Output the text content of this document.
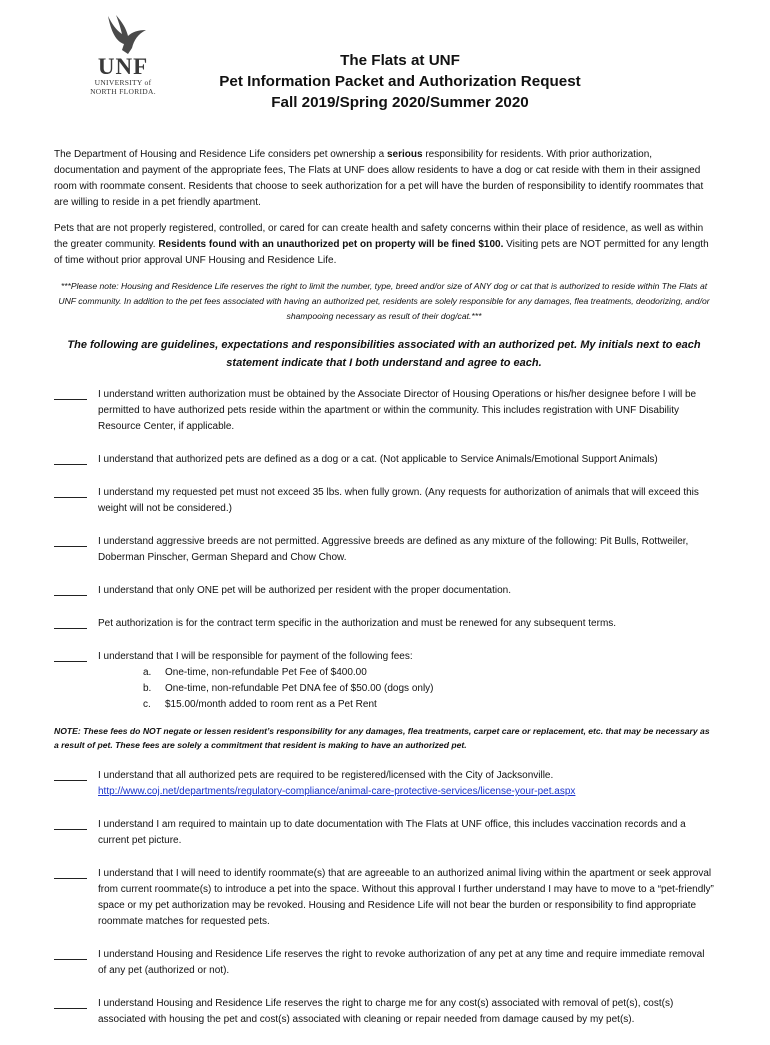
UNF
UNIVERSITY of
NORTH FLORIDA.
The Flats at UNF
Pet Information Packet and Authorization Request
Fall 2019/Spring 2020/Summer 2020

The Department of Housing and Residence Life considers pet ownership a serious responsibility for residents. With prior authorization, documentation and payment of the appropriate fees, The Flats at UNF does allow residents to have a dog or cat reside with them in their assigned room with roommate consent. Residents that choose to seek authorization for a pet will have the burden of responsibility to identify roommates that are willing to reside in a pet friendly apartment.

Pets that are not properly registered, controlled, or cared for can create health and safety concerns within their place of residence, as well as within the greater community. Residents found with an unauthorized pet on property will be fined $100. Visiting pets are NOT permitted for any length of time without prior approval UNF Housing and Residence Life.

***Please note: Housing and Residence Life reserves the right to limit the number, type, breed and/or size of ANY dog or cat that is authorized to reside within The Flats at UNF community. In addition to the pet fees associated with having an authorized pet, residents are solely responsible for any damages, flea treatments, deodorizing, and/or shampooing necessary as result of their dog/cat.***
The following are guidelines, expectations and responsibilities associated with an authorized pet. My initials next to each statement indicate that I both understand and agree to each.
I understand written authorization must be obtained by the Associate Director of Housing Operations or his/her designee before I will be permitted to have authorized pets reside within the apartment or within the community. This includes registration with UNF Disability Resource Center, if applicable.
I understand that authorized pets are defined as a dog or a cat. (Not applicable to Service Animals/Emotional Support Animals)
I understand my requested pet must not exceed 35 lbs. when fully grown. (Any requests for authorization of animals that will exceed this weight will not be considered.)
I understand aggressive breeds are not permitted. Aggressive breeds are defined as any mixture of the following: Pit Bulls, Rottweiler, Doberman Pinscher, German Shepard and Chow Chow.
I understand that only ONE pet will be authorized per resident with the proper documentation.
Pet authorization is for the contract term specific in the authorization and must be renewed for any subsequent terms.
I understand that I will be responsible for payment of the following fees:
a.	One-time, non-refundable Pet Fee of $400.00
b.	One-time, non-refundable Pet DNA fee of $50.00 (dogs only)
c.	$15.00/month added to room rent as a Pet Rent
NOTE: These fees do NOT negate or lessen resident’s responsibility for any damages, flea treatments, carpet care or replacement, etc. that may be necessary as a result of pet. These fees are solely a commitment that resident is making to have an authorized pet.
I understand that all authorized pets are required to be registered/licensed with the City of Jacksonville.
http://www.coj.net/departments/regulatory-compliance/animal-care-protective-services/license-your-pet.aspx
I understand I am required to maintain up to date documentation with The Flats at UNF office, this includes vaccination records and a current pet picture.
I understand that I will need to identify roommate(s) that are agreeable to an authorized animal living within the apartment or seek approval from current roommate(s) to introduce a pet into the space. Without this approval I further understand I may have to move to a “pet-friendly” space or my pet authorization may be revoked. Housing and Residence Life will not bear the burden or responsibility to find appropriate roommate matches for requested pets.
I understand Housing and Residence Life reserves the right to revoke authorization of any pet at any time and require immediate removal of any pet (authorized or not).
I understand Housing and Residence Life reserves the right to charge me for any cost(s) associated with removal of pet(s), cost(s) associated with housing the pet and cost(s) associated with cleaning or repair needed from damage caused by my pet(s).
